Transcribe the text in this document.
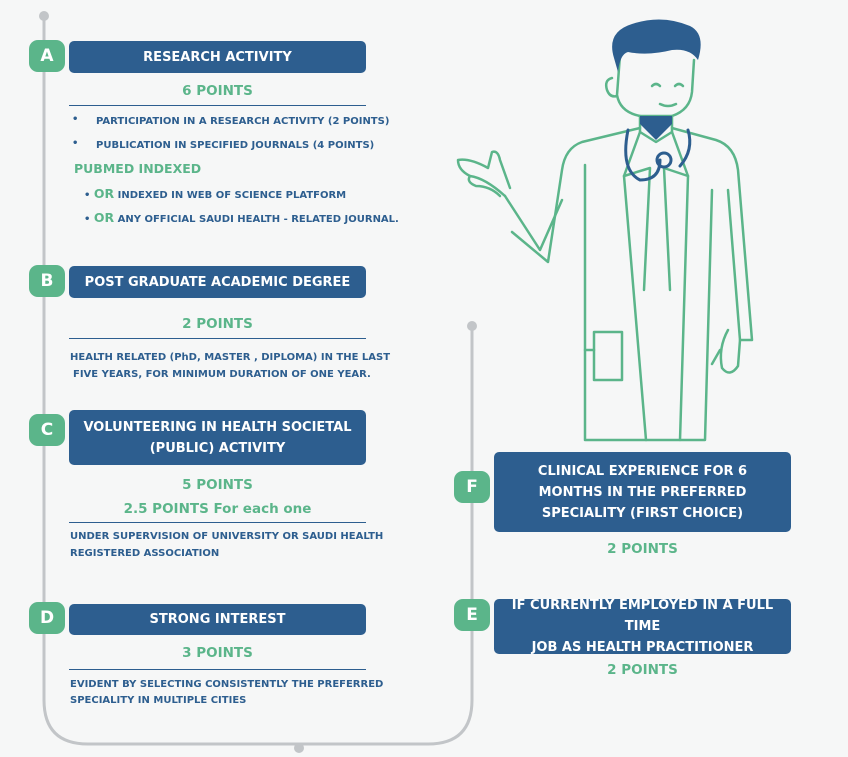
A	RESEARCH ACTIVITY
6 POINTS
• PARTICIPATION IN A RESEARCH ACTIVITY (2 POINTS)
• PUBLICATION IN SPECIFIED JOURNALS (4 POINTS)
PUBMED INDEXED
• OR INDEXED IN WEB OF SCIENCE PLATFORM
• OR ANY OFFICIAL SAUDI HEALTH - RELATED JOURNAL.
B	POST GRADUATE ACADEMIC DEGREE
2 POINTS
HEALTH RELATED (PhD, MASTER , DIPLOMA) IN THE LAST
FIVE YEARS, FOR MINIMUM DURATION OF ONE YEAR.
C	VOLUNTEERING IN HEALTH SOCIETAL
(PUBLIC) ACTIVITY
5 POINTS
2.5 POINTS For each one
UNDER SUPERVISION OF UNIVERSITY OR SAUDI HEALTH
REGISTERED ASSOCIATION
D	STRONG INTEREST
3 POINTS
EVIDENT BY SELECTING CONSISTENTLY THE PREFERRED
SPECIALITY IN MULTIPLE CITIES
F
CLINICAL EXPERIENCE FOR 6
MONTHS IN THE PREFERRED
SPECIALITY (FIRST CHOICE)
2 POINTS
E	IF CURRENTLY EMPLOYED IN A FULL TIME
JOB AS HEALTH PRACTITIONER
2 POINTS
